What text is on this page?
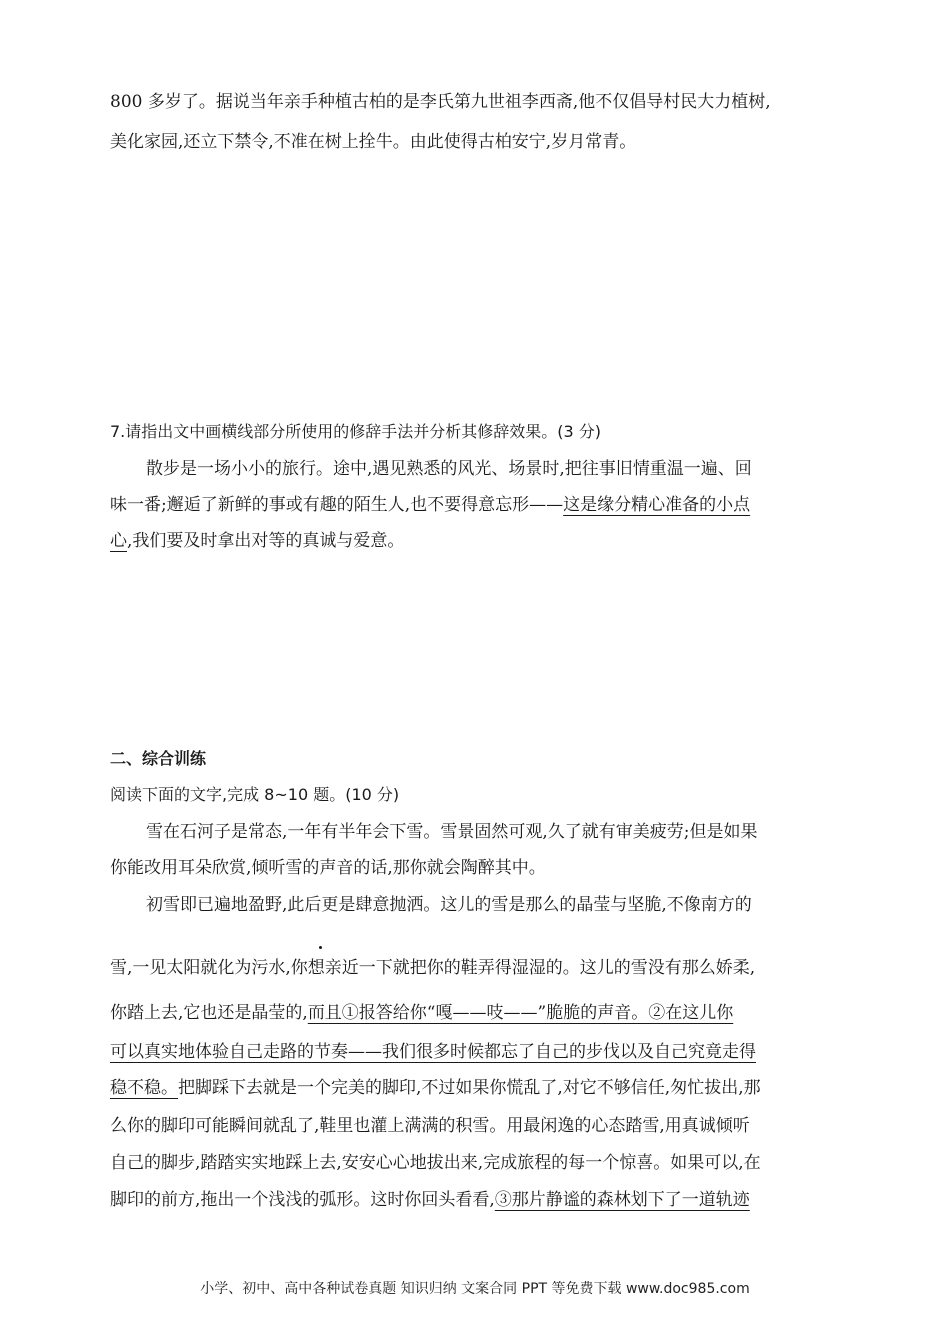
800 多岁了。据说当年亲手种植古柏的是李氏第九世祖李西斋,他不仅倡导村民大力植树,
美化家园,还立下禁令,不准在树上拴牛。由此使得古柏安宁,岁月常青。
7.请指出文中画横线部分所使用的修辞手法并分析其修辞效果。(3 分)
散步是一场小小的旅行。途中,遇见熟悉的风光、场景时,把往事旧情重温一遍、回
味一番;邂逅了新鲜的事或有趣的陌生人,也不要得意忘形——这是缘分精心准备的小点
心,我们要及时拿出对等的真诚与爱意。
二、综合训练
阅读下面的文字,完成 8~10 题。(10 分)
雪在石河子是常态,一年有半年会下雪。雪景固然可观,久了就有审美疲劳;但是如果
你能改用耳朵欣赏,倾听雪的声音的话,那你就会陶醉其中。
初雪即已遍地盈野,此后更是肆意抛洒。这儿的雪是那么的晶莹与坚脆,不像南方的
雪,一见太阳就化为污水,你想亲近一下就把你的鞋弄得湿湿的。这儿的雪没有那么娇柔,
你踏上去,它也还是晶莹的,而且①报答给你“嘎——吱——”脆脆的声音。②在这儿你
可以真实地体验自己走路的节奏——我们很多时候都忘了自己的步伐以及自己究竟走得
稳不稳。把脚踩下去就是一个完美的脚印,不过如果你慌乱了,对它不够信任,匆忙拔出,那
么你的脚印可能瞬间就乱了,鞋里也灌上满满的积雪。用最闲逸的心态踏雪,用真诚倾听
自己的脚步,踏踏实实地踩上去,安安心心地拔出来,完成旅程的每一个惊喜。如果可以,在
脚印的前方,拖出一个浅浅的弧形。这时你回头看看,③那片静谧的森林划下了一道轨迹
小学、初中、高中各种试卷真题 知识归纳 文案合同 PPT 等免费下载 www.doc985.com
